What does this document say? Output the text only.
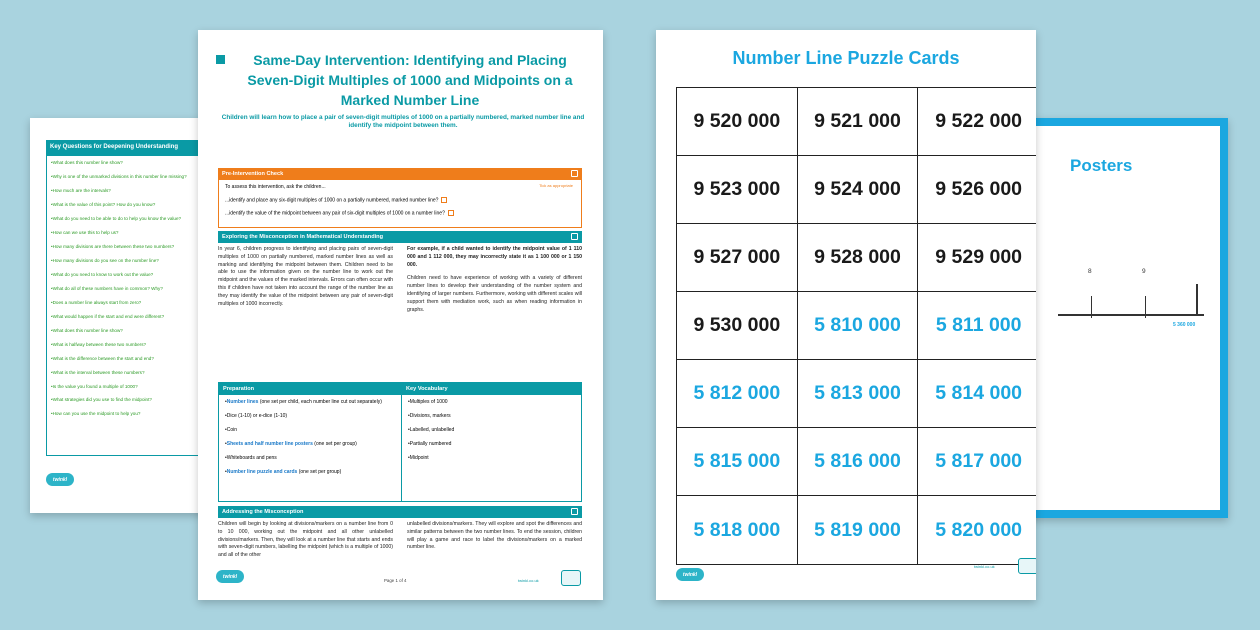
Key Questions for Deepening Understanding
• What does this number line show?
• Why is one of the unmarked divisions in this number line missing?
• How much are the intervals?
• What is the value of this point? How do you know?
• What do you need to be able to do to help you know the value?
• How can we use this to help us?
• How many divisions are there between these two numbers?
• How many divisions do you see on the number line?
• What do you need to know to work out the value?
• What do all of these numbers have in common? Why?
• Does a number line always start from zero?
• What would happen if the start and end were different?
• What does this number line show?
• What is halfway between these two numbers?
• What is the difference between the start and end?
• What is the interval between these numbers?
• Is the value you found a multiple of 1000?
• What strategies did you use to find the midpoint?
• How can you use the midpoint to help you?
twinkl
Posters
8	9
5 360 000
Same-Day Intervention: Identifying and Placing Seven-Digit Multiples of 1000 and Midpoints on a Marked Number Line
Children will learn how to place a pair of seven-digit multiples of 1000 on a partially numbered, marked number line and identify the midpoint between them.
Pre-Intervention Check
Tick as appropriate

To assess this intervention, ask the children...

...identify and place any six-digit multiples of 1000 on a partially numbered, marked number line?

...identify the value of the midpoint between any pair of six-digit multiples of 1000 on a number line?

Exploring the Misconception in Mathematical Understanding

In year 6, children progress to identifying and placing pairs of seven-digit multiples of 1000 on partially numbered, marked number lines as well as marking and identifying the midpoint between them. Children need to be able to use the information given on the number line to work out the midpoint and the values of the marked intervals. Errors can often occur with this if children have not taken into account the range of the number line as they may identify the value of the midpoint between any pair of seven-digit multiples of 1000 incorrectly.

For example, if a child wanted to identify the midpoint value of 1 110 000 and 1 112 000, they may incorrectly state it as 1 100 000 or 1 150 000.

Children need to have experience of working with a variety of different number lines to develop their understanding of the number system and identifying of larger numbers. Furthermore, working with different scales will support them with mediation work, such as when reading information in graphs.

Preparation
• Number lines (one set per child, each number line cut out separately)
• Dice (1-10) or e-dice (1-10)
• Coin
• Sheets and half number line posters (one set per group)
• Whiteboards and pens
• Number line puzzle and cards (one set per group)
Key Vocabulary
• Multiples of 1000
• Divisions, markers
• Labelled, unlabelled
• Partially numbered
• Midpoint
Addressing the Misconception

Children will begin by looking at divisions/markers on a number line from 0 to 10 000, working out the midpoint and all other unlabelled divisions/markers. Then, they will look at a number line that starts and ends with seven-digit numbers, labelling the midpoint (which is a multiple of 1000) and all of the other

unlabelled divisions/markers. They will explore and spot the differences and similar patterns between the two number lines. To end the session, children will play a game and race to label the divisions/markers on a marked number line.

twinkl
Page 1 of 4	twinkl.co.uk
Number Line Puzzle Cards
9 520 000	9 521 000	9 522 000
9 523 000	9 524 000	9 526 000
9 527 000	9 528 000	9 529 000
9 530 000	5 810 000	5 811 000
5 812 000	5 813 000	5 814 000
5 815 000	5 816 000	5 817 000
5 818 000	5 819 000	5 820 000
twinkl
twinkl.co.uk
